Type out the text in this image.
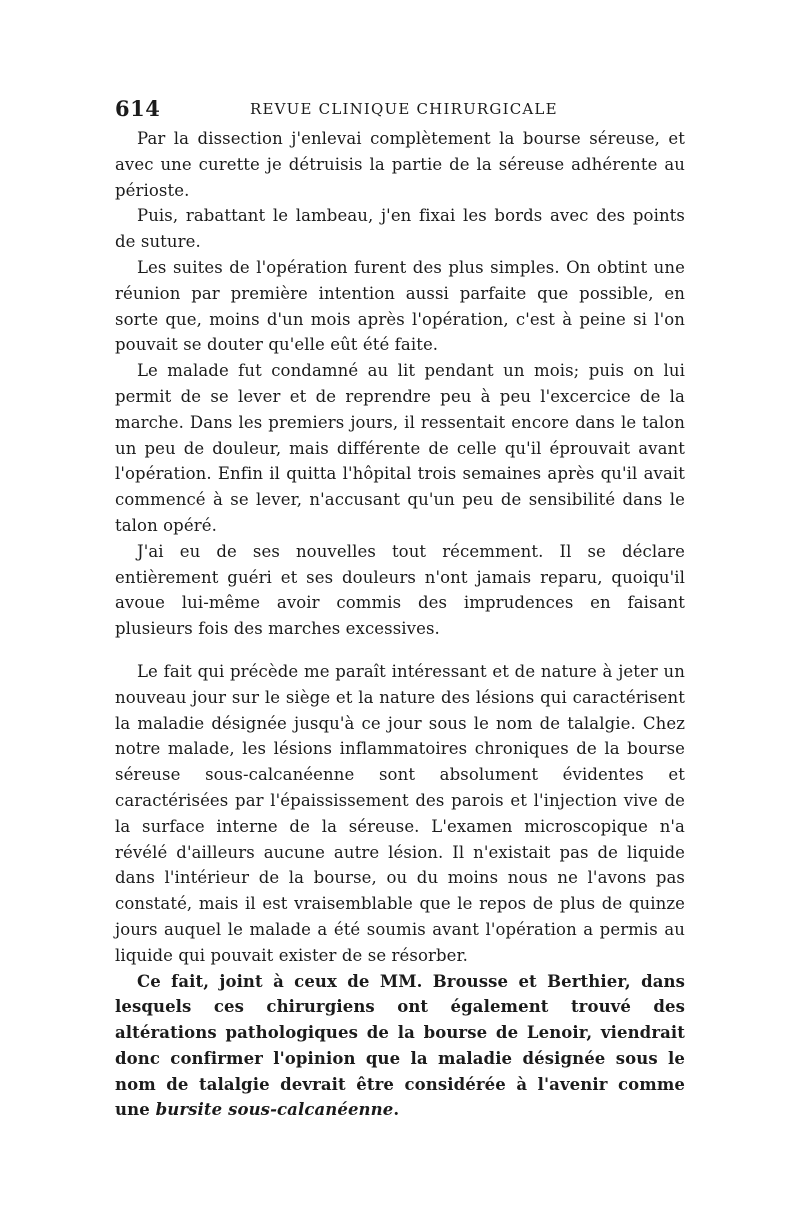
614	REVUE CLINIQUE CHIRURGICALE

Par la dissection j'enlevai complètement la bourse séreuse, et avec une curette je détruisis la partie de la séreuse adhérente au périoste.

Puis, rabattant le lambeau, j'en fixai les bords avec des points de suture.

Les suites de l'opération furent des plus simples. On obtint une réunion par première intention aussi parfaite que possible, en sorte que, moins d'un mois après l'opération, c'est à peine si l'on pouvait se douter qu'elle eût été faite.

Le malade fut condamné au lit pendant un mois; puis on lui permit de se lever et de reprendre peu à peu l'excercice de la marche. Dans les premiers jours, il ressentait encore dans le talon un peu de douleur, mais différente de celle qu'il éprouvait avant l'opération. Enfin il quitta l'hôpital trois semaines après qu'il avait commencé à se lever, n'accusant qu'un peu de sensibilité dans le talon opéré.

J'ai eu de ses nouvelles tout récemment. Il se déclare entièrement guéri et ses douleurs n'ont jamais reparu, quoiqu'il avoue lui-même avoir commis des imprudences en faisant plusieurs fois des marches excessives.

Le fait qui précède me paraît intéressant et de nature à jeter un nouveau jour sur le siège et la nature des lésions qui caractérisent la maladie désignée jusqu'à ce jour sous le nom de talalgie. Chez notre malade, les lésions inflammatoires chroniques de la bourse séreuse sous-calcanéenne sont absolument évidentes et caractérisées par l'épaississement des parois et l'injection vive de la surface interne de la séreuse. L'examen microscopique n'a révélé d'ailleurs aucune autre lésion. Il n'existait pas de liquide dans l'intérieur de la bourse, ou du moins nous ne l'avons pas constaté, mais il est vraisemblable que le repos de plus de quinze jours auquel le malade a été soumis avant l'opération a permis au liquide qui pouvait exister de se résorber.

Ce fait, joint à ceux de MM. Brousse et Berthier, dans lesquels ces chirurgiens ont également trouvé des altérations pathologiques de la bourse de Lenoir, viendrait donc confirmer l'opinion que la maladie désignée sous le nom de talalgie devrait être considérée à l'avenir comme une bursite sous-calcanéenne.
